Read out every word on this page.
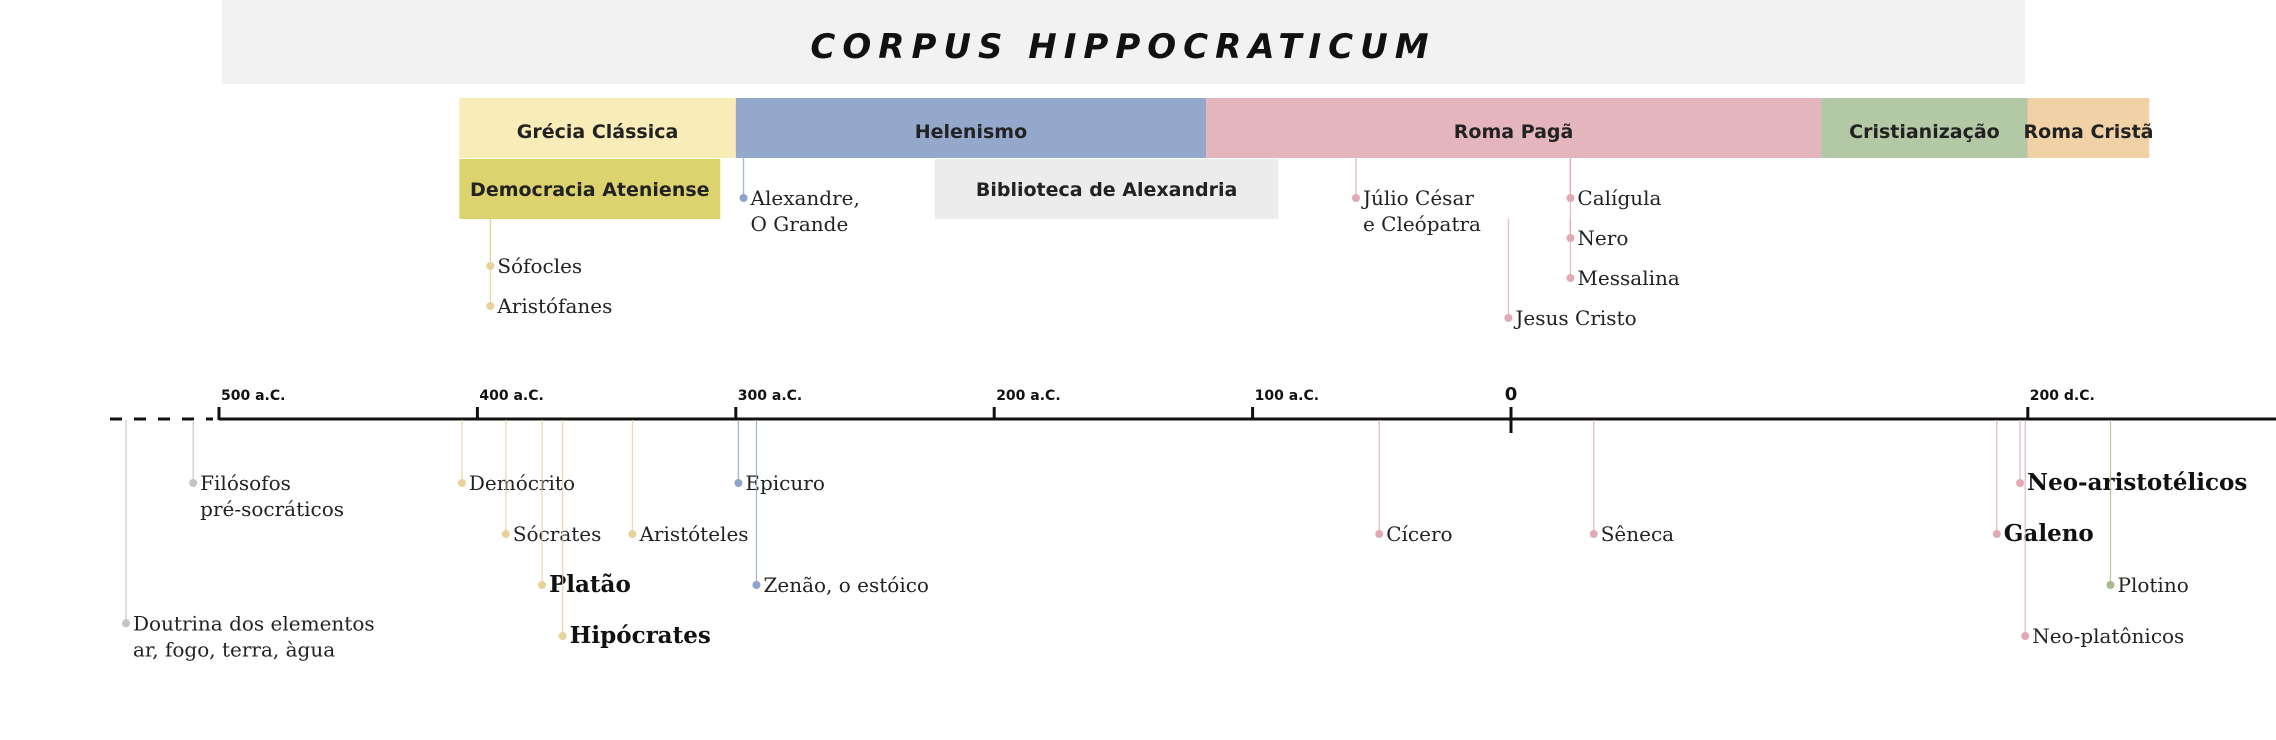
CORPUS HIPPOCRATICUM
Grécia Clássica	Helenismo	Roma Pagã	Cristianização Roma Cristã
Democracia Ateniense	Biblioteca de Alexandria
500 a.C.	400 a.C.	300 a.C.	200 a.C.	100 a.C.	0	200 d.C.
Alexandre,
O Grande
Júlio César
e Cleópatra
Calígula
Nero
Messalina
Jesus Cristo
Sófocles
Aristófanes
Filósofos
pré-socráticos
Doutrina dos elementos
ar, fogo, terra, àgua
Demócrito
Sócrates
Platão
Hipócrates
Aristóteles
Epicuro
Zenão, o estóico
Cícero	Sêneca	Galeno
Neo-aristotélicos
Neo-platônicos
Plotino
